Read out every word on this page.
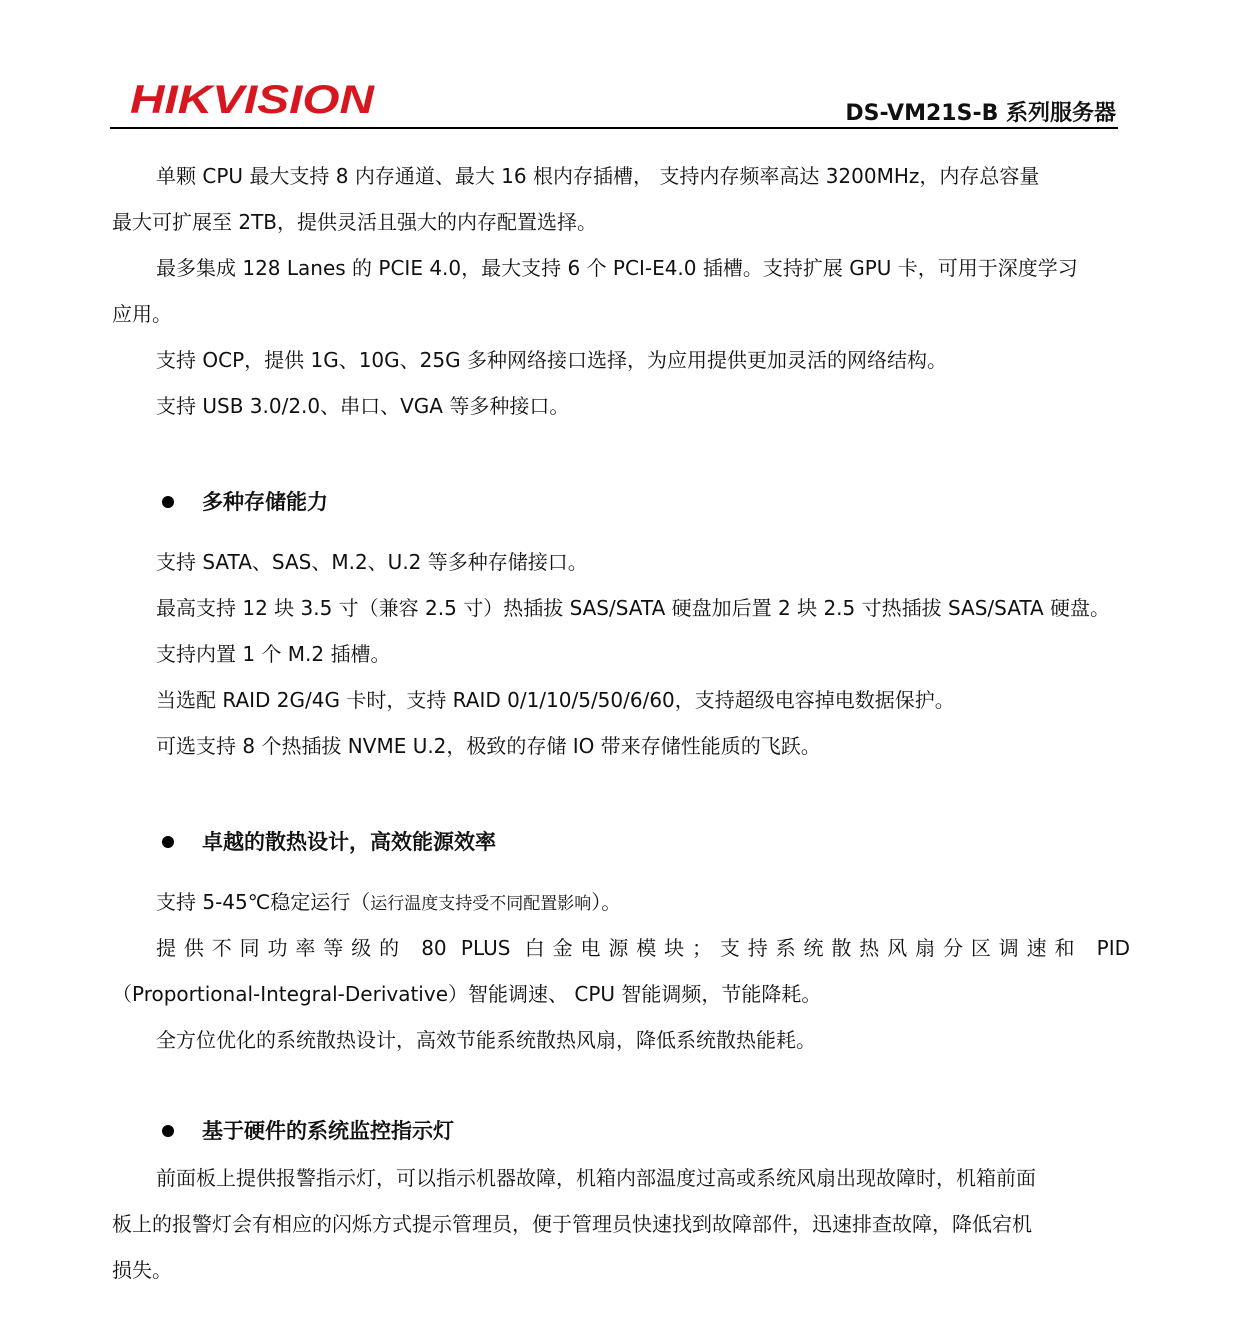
HIKVISION	DS-VM21S-B 系列服务器
单颗 CPU 最大支持 8 内存通道、最大 16 根内存插槽， 支持内存频率高达 3200MHz，内存总容量
最大可扩展至 2TB，提供灵活且强大的内存配置选择。
最多集成 128 Lanes 的 PCIE 4.0，最大支持 6 个 PCI-E4.0 插槽。支持扩展 GPU 卡，可用于深度学习
应用。
支持 OCP，提供 1G、10G、25G 多种网络接口选择，为应用提供更加灵活的网络结构。
支持 USB 3.0/2.0、串口、VGA 等多种接口。
多种存储能力
支持 SATA、SAS、M.2、U.2 等多种存储接口。
最高支持 12 块 3.5 寸（兼容 2.5 寸）热插拔 SAS/SATA 硬盘加后置 2 块 2.5 寸热插拔 SAS/SATA 硬盘。
支持内置 1 个 M.2 插槽。
当选配 RAID 2G/4G 卡时，支持 RAID 0/1/10/5/50/6/60，支持超级电容掉电数据保护。
可选支持 8 个热插拔 NVME U.2，极致的存储 IO 带来存储性能质的飞跃。
卓越的散热设计，高效能源效率
支持 5-45℃稳定运行（运行温度支持受不同配置影响）。
提供不同功率等级的 80 PLUS 白金电源模块；支持系统散热风扇分区调速和 PID
（Proportional-Integral-Derivative）智能调速、 CPU 智能调频，节能降耗。
全方位优化的系统散热设计，高效节能系统散热风扇，降低系统散热能耗。
基于硬件的系统监控指示灯
前面板上提供报警指示灯，可以指示机器故障，机箱内部温度过高或系统风扇出现故障时，机箱前面
板上的报警灯会有相应的闪烁方式提示管理员，便于管理员快速找到故障部件，迅速排查故障，降低宕机
损失。
